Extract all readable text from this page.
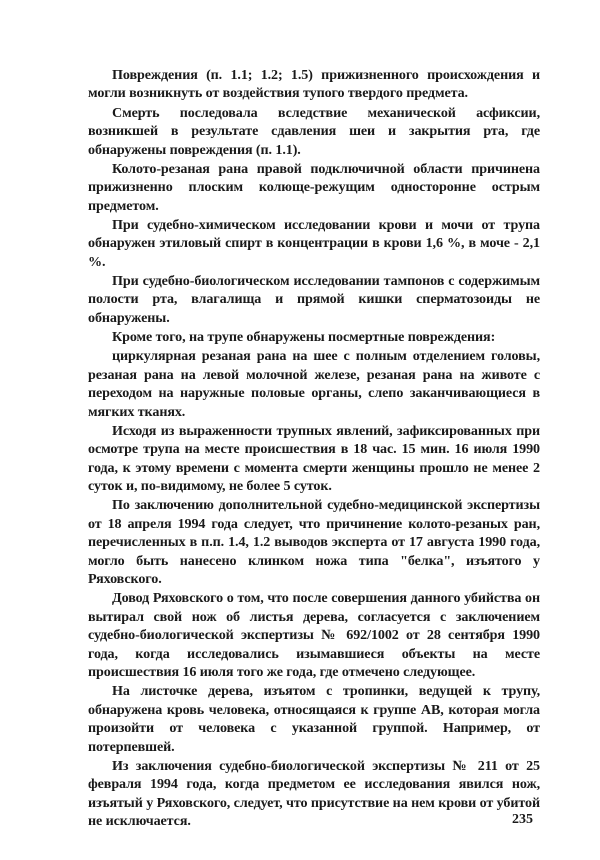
Повреждения (п. 1.1; 1.2; 1.5) прижизненного происхождения и могли возникнуть от воздействия тупого твердого предмета.

Смерть последовала вследствие механической асфиксии, возникшей в результате сдавления шеи и закрытия рта, где обнаружены повреждения (п. 1.1).

Колото-резаная рана правой подключичной области причинена прижизненно плоским колюще-режущим односторонне острым предметом.

При судебно-химическом исследовании крови и мочи от трупа обнаружен этиловый спирт в концентрации в крови 1,6 %, в моче - 2,1 %.

При судебно-биологическом исследовании тампонов с содержимым полости рта, влагалища и прямой кишки сперматозоиды не обнаружены.

Кроме того, на трупе обнаружены посмертные повреждения:

циркулярная резаная рана на шее с полным отделением головы, резаная рана на левой молочной железе, резаная рана на животе с переходом на наружные половые органы, слепо заканчивающиеся в мягких тканях.

Исходя из выраженности трупных явлений, зафиксированных при осмотре трупа на месте происшествия в 18 час. 15 мин. 16 июля 1990 года, к этому времени с момента смерти женщины прошло не менее 2 суток и, по-видимому, не более 5 суток.

По заключению дополнительной судебно-медицинской экспертизы от 18 апреля 1994 года следует, что причинение колото-резаных ран, перечисленных в п.п. 1.4, 1.2 выводов эксперта от 17 августа 1990 года, могло быть нанесено клинком ножа типа "белка", изъятого у Ряховского.

Довод Ряховского о том, что после совершения данного убийства он вытирал свой нож об листья дерева, согласуется с заключением судебно-биологической экспертизы № 692/1002 от 28 сентября 1990 года, когда исследовались изымавшиеся объекты на месте происшествия 16 июля того же года, где отмечено следующее.

На листочке дерева, изъятом с тропинки, ведущей к трупу, обнаружена кровь человека, относящаяся к группе АВ, которая могла произойти от человека с указанной группой. Например, от потерпевшей.

Из заключения судебно-биологической экспертизы № 211 от 25 февраля 1994 года, когда предметом ее исследования явился нож, изъятый у Ряховского, следует, что присутствие на нем крови от убитой не исключается.	235
